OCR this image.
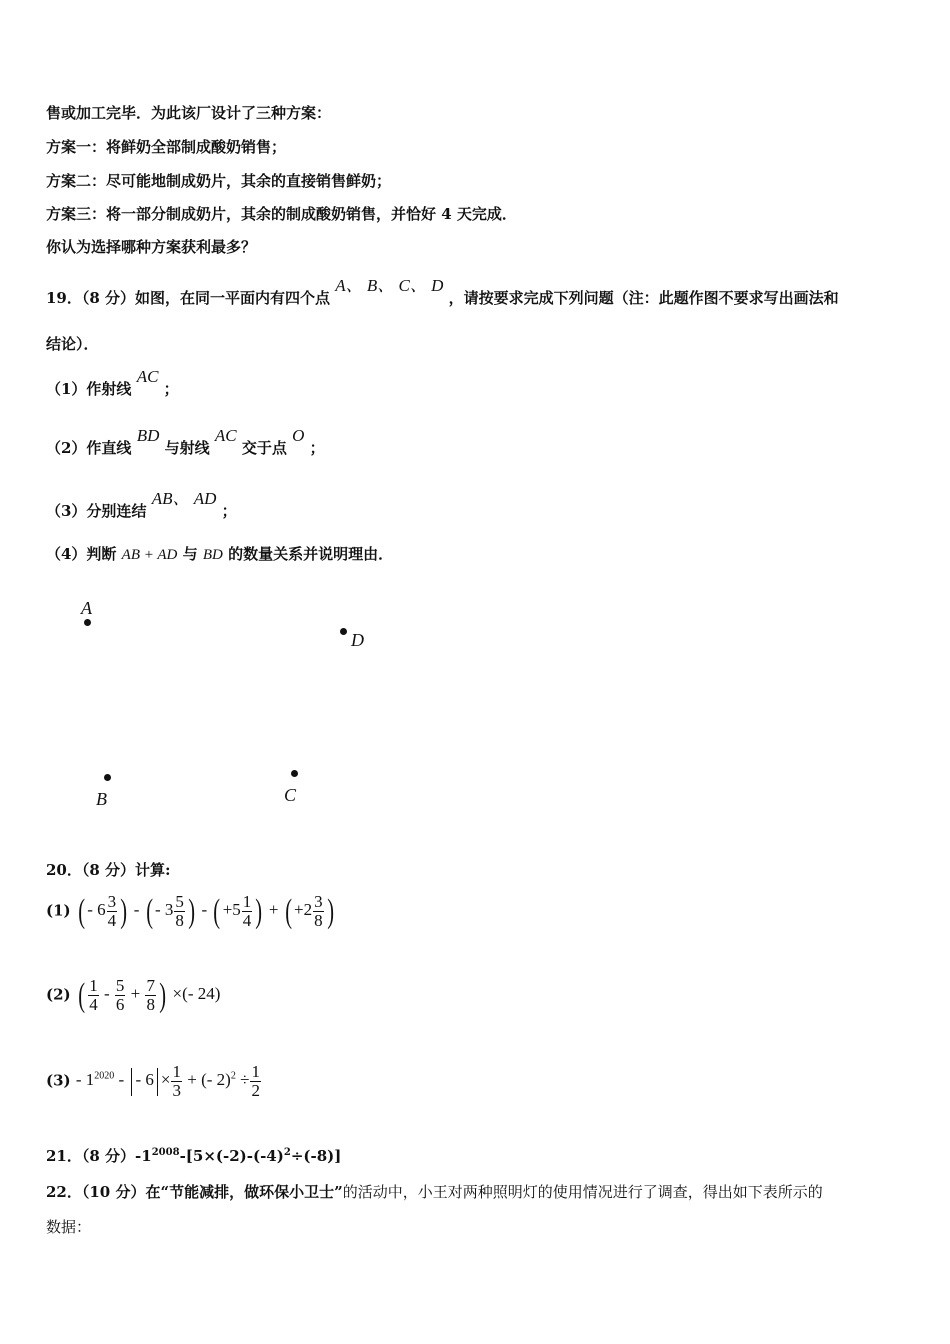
售或加工完毕．为此该厂设计了三种方案：
方案一：将鲜奶全部制成酸奶销售；
方案二：尽可能地制成奶片，其余的直接销售鲜奶；
方案三：将一部分制成奶片，其余的制成酸奶销售，并恰好 4 天完成．
你认为选择哪种方案获利最多？
19．（8 分）如图，在同一平面内有四个点 A、 B、 C、 D ，请按要求完成下列问题（注：此题作图不要求写出画法和
结论）．
（1）作射线 AC ；
（2）作直线 BD 与射线 AC 交于点 O ；
（3）分别连结 AB、 AD ；
（4）判断 AB + AD 与 BD 的数量关系并说明理由．
A
D
B	C
20．（8 分）计算:
(1) ( - $6 \frac{3}{4}$ ) - ( - $3 \frac{5}{8}$ ) - ( $+5 \frac{1}{4}$ ) + ( $+2 \frac{3}{8}$ )
(2) ( $\frac{1}{4} - \frac{5}{6} + \frac{7}{8}$ ) ×(- 24)
$(3) - 1^{2020}$ - - $6 \times \frac{1}{3}$ + (- $2)^2 \div \frac{1}{2}$
21．（8 分）$-1^{2008}-[5\times(-2)-(-4)^2\div(-8)]$
22．（10 分）在“节能减排，做环保小卫士”的活动中，小王对两种照明灯的使用情况进行了调查，得出如下表所示的
数据：
